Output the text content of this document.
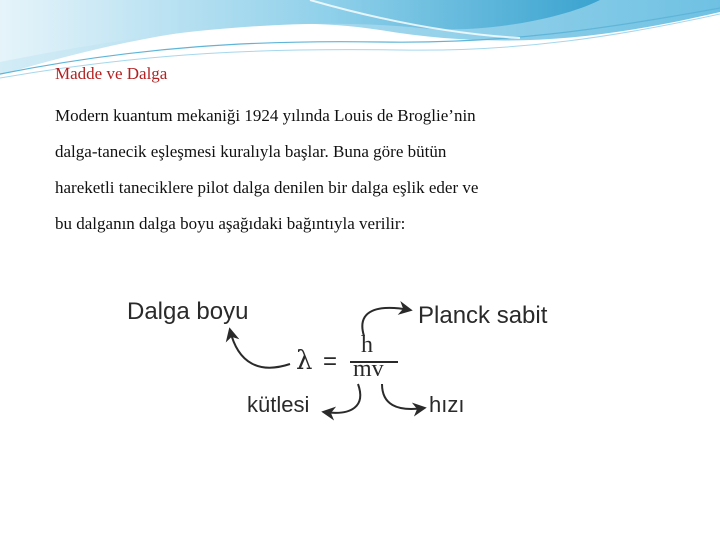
Madde ve Dalga
Modern kuantum mekaniği 1924 yılında Louis de Broglie’nin
dalga-tanecik eşleşmesi kuralıyla başlar. Buna göre bütün
hareketli taneciklere pilot dalga denilen bir dalga eşlik eder ve
bu dalganın dalga boyu aşağıdaki bağıntıyla verilir:
Dalga boyu	Planck sabit
λ =
h
mv
kütlesi	hızı
